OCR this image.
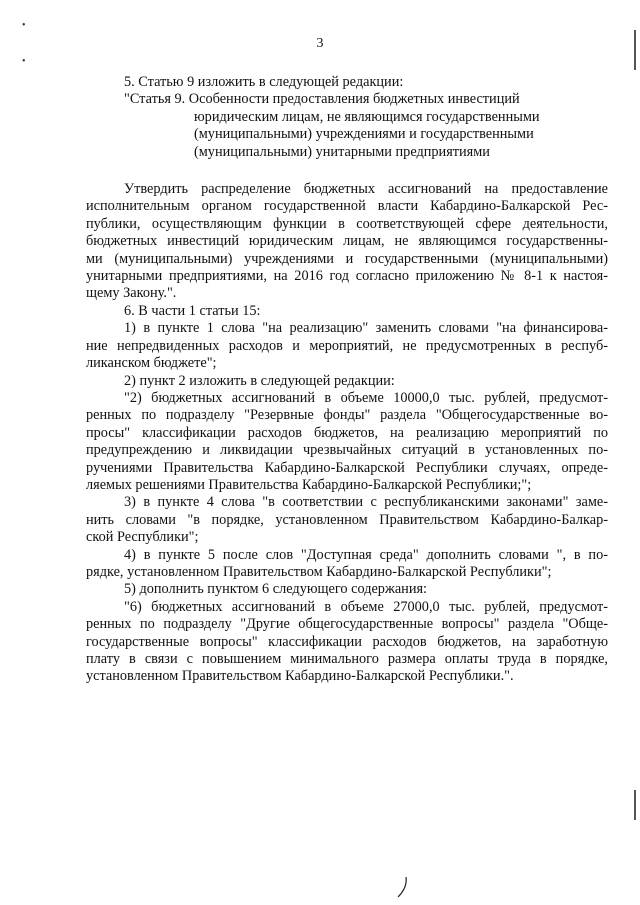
•
•
3

5. Статью 9 изложить в следующей редакции:

"Статья 9. Особенности предоставления бюджетных инвестиций

юридическим лицам, не являющимся государственными

(муниципальными) учреждениями и государственными

(муниципальными) унитарными предприятиями

Утвердить распределение бюджетных ассигнований на предоставление
исполнительным органом государственной власти Кабардино-Балкарской Рес-
публики, осуществляющим функции в соответствующей сфере деятельности,
бюджетных инвестиций юридическим лицам, не являющимся государственны-
ми (муниципальными) учреждениями и государственными (муниципальными)
унитарными предприятиями, на 2016 год согласно приложению № 8-1 к настоя-
щему Закону.".
6. В части 1 статьи 15:
1) в пункте 1 слова "на реализацию" заменить словами "на финансирова-
ние непредвиденных расходов и мероприятий, не предусмотренных в респуб-
ликанском бюджете";
2) пункт 2 изложить в следующей редакции:
"2) бюджетных ассигнований в объеме 10000,0 тыс. рублей, предусмот-
ренных по подразделу "Резервные фонды" раздела "Общегосударственные во-
просы" классификации расходов бюджетов, на реализацию мероприятий по
предупреждению и ликвидации чрезвычайных ситуаций в установленных по-
ручениями Правительства Кабардино-Балкарской Республики случаях, опреде-
ляемых решениями Правительства Кабардино-Балкарской Республики;";
3) в пункте 4 слова "в соответствии с республиканскими законами" заме-
нить словами "в порядке, установленном Правительством Кабардино-Балкар-
ской Республики";
4) в пункте 5 после слов "Доступная среда" дополнить словами ", в по-
рядке, установленном Правительством Кабардино-Балкарской Республики";
5) дополнить пунктом 6 следующего содержания:
"6) бюджетных ассигнований в объеме 27000,0 тыс. рублей, предусмот-
ренных по подразделу "Другие общегосударственные вопросы" раздела "Обще-
государственные вопросы" классификации расходов бюджетов, на заработную
плату в связи с повышением минимального размера оплаты труда в порядке,
установленном Правительством Кабардино-Балкарской Республики.".
